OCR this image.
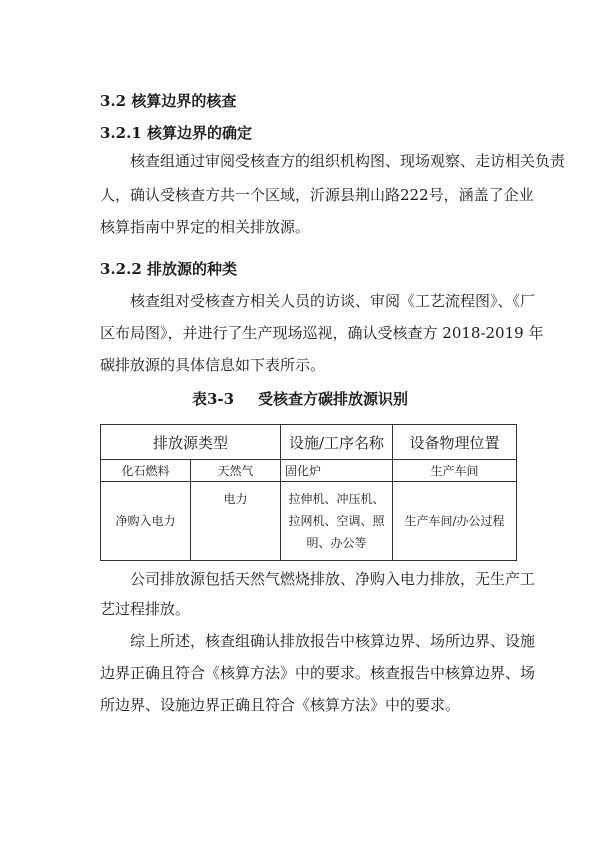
3.2 核算边界的核查
3.2.1 核算边界的确定
核查组通过审阅受核查方的组织机构图、现场观察、走访相关负责
人，确认受核查方共一个区域，沂源县荆山路222号，涵盖了企业
核算指南中界定的相关排放源。
3.2.2 排放源的种类
核查组对受核查方相关人员的访谈、审阅《工艺流程图》、《厂
区布局图》，并进行了生产现场巡视，确认受核查方 2018-2019 年
碳排放源的具体信息如下表所示。
表3-3 受核查方碳排放源识别
排放源类型		设施/工序名称	设备物理位置
化石燃料	天然气	固化炉	生产车间
净购入电力	电力	拉伸机、冲压机、拉网机、空调、照明、办公等	生产车间/办公过程
公司排放源包括天然气燃烧排放、净购入电力排放，无生产工
艺过程排放。
综上所述，核查组确认排放报告中核算边界、场所边界、设施
边界正确且符合《核算方法》中的要求。核查报告中核算边界、场
所边界、设施边界正确且符合《核算方法》中的要求。
